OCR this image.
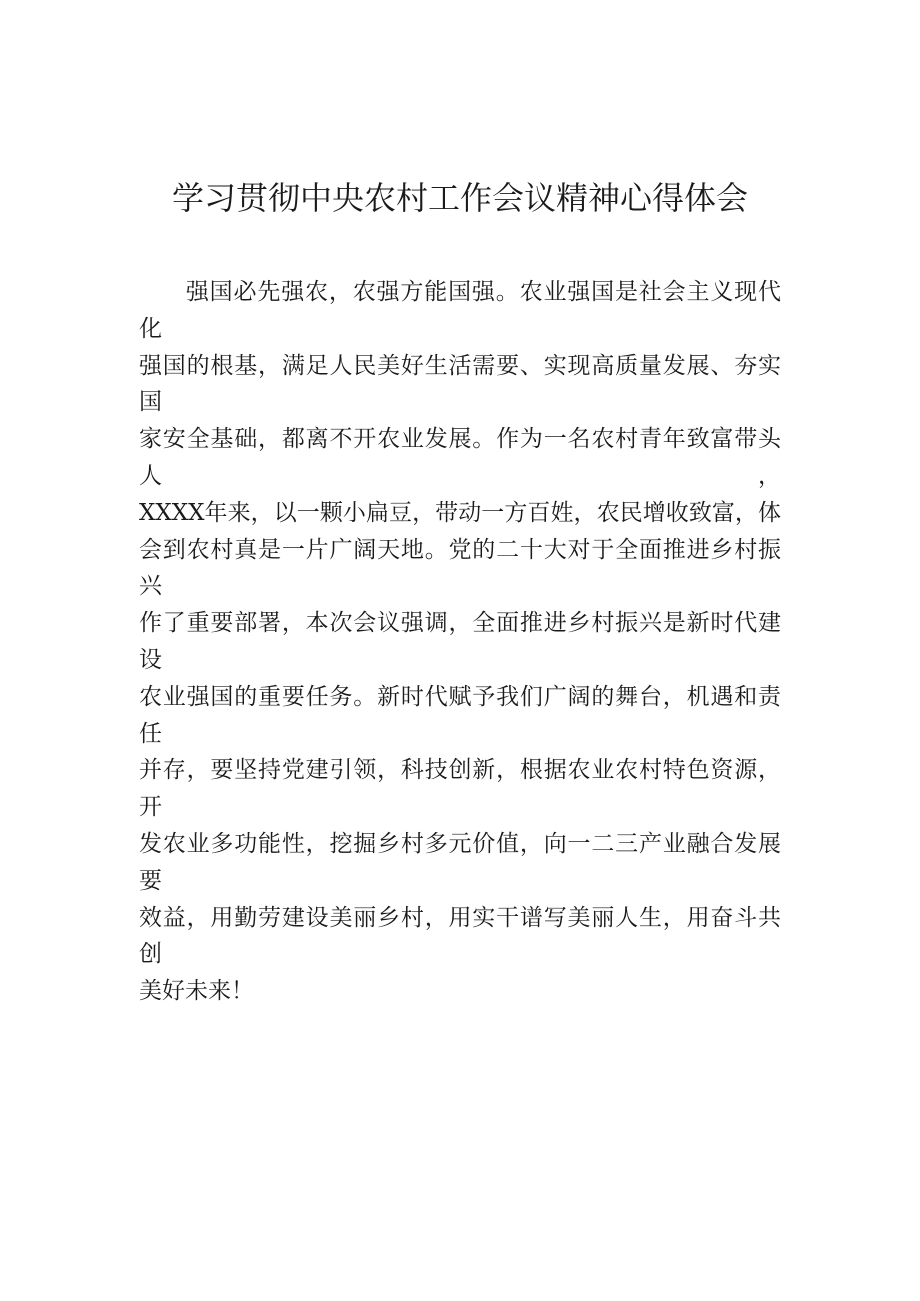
学习贯彻中央农村工作会议精神心得体会
强国必先强农，农强方能国强。农业强国是社会主义现代化
强国的根基，满足人民美好生活需要、实现高质量发展、夯实国
家安全基础，都离不开农业发展。作为一名农村青年致富带头人，
XXXX年来，以一颗小扁豆，带动一方百姓，农民增收致富，体
会到农村真是一片广阔天地。党的二十大对于全面推进乡村振兴
作了重要部署，本次会议强调，全面推进乡村振兴是新时代建设
农业强国的重要任务。新时代赋予我们广阔的舞台，机遇和责任
并存，要坚持党建引领，科技创新，根据农业农村特色资源，开
发农业多功能性，挖掘乡村多元价值，向一二三产业融合发展要
效益，用勤劳建设美丽乡村，用实干谱写美丽人生，用奋斗共创
美好未来！
